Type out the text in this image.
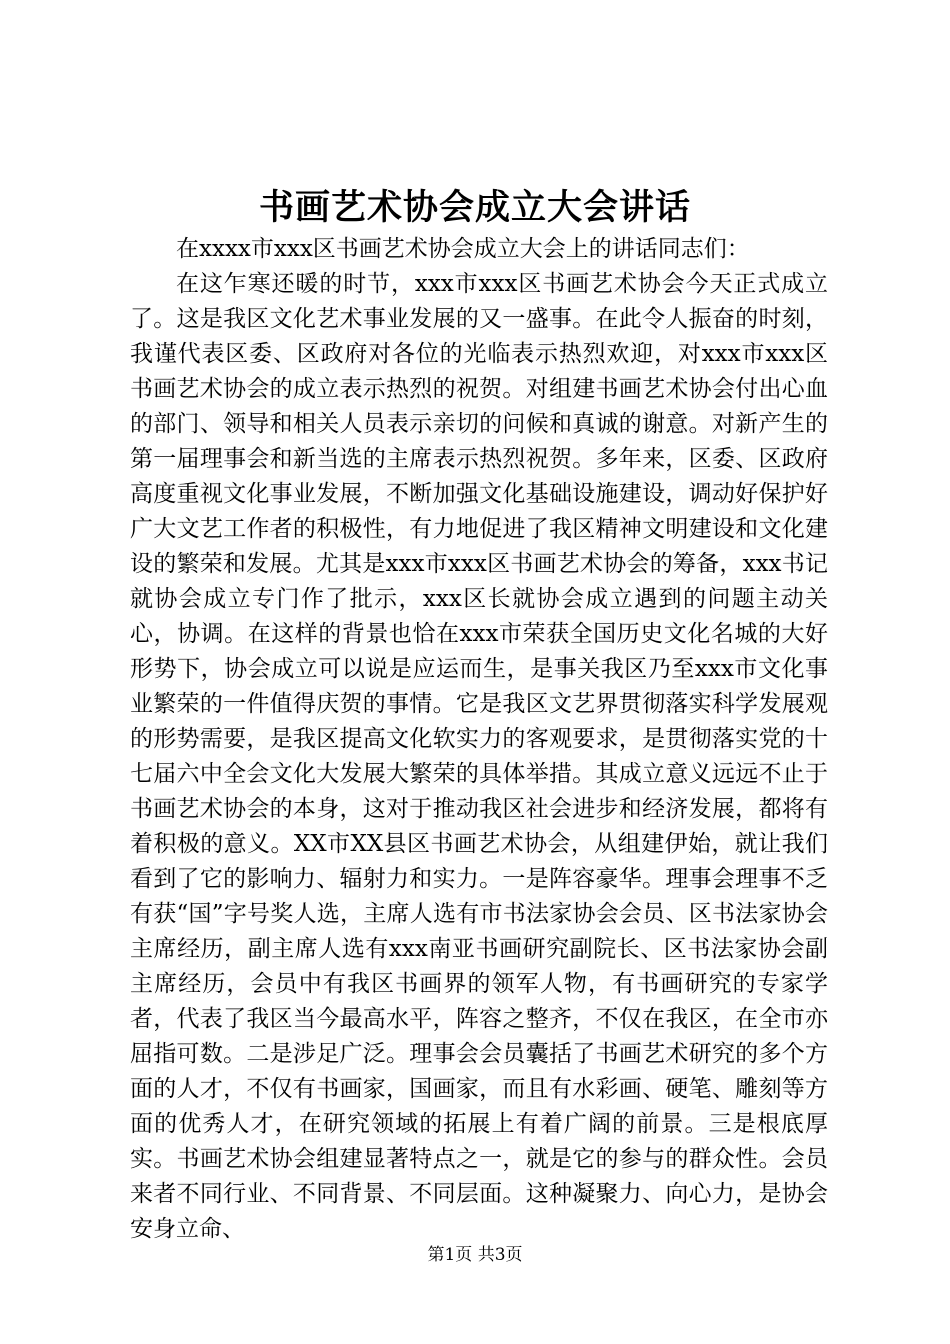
书画艺术协会成立大会讲话

在xxxx市xxx区书画艺术协会成立大会上的讲话同志们：

在这乍寒还暖的时节，xxx市xxx区书画艺术协会今天正式成立了。这是我区文化艺术事业发展的又一盛事。在此令人振奋的时刻，我谨代表区委、区政府对各位的光临表示热烈欢迎，对xxx市xxx区书画艺术协会的成立表示热烈的祝贺。对组建书画艺术协会付出心血的部门、领导和相关人员表示亲切的问候和真诚的谢意。对新产生的第一届理事会和新当选的主席表示热烈祝贺。多年来，区委、区政府高度重视文化事业发展，不断加强文化基础设施建设，调动好保护好广大文艺工作者的积极性，有力地促进了我区精神文明建设和文化建设的繁荣和发展。尤其是xxx市xxx区书画艺术协会的筹备，xxx书记就协会成立专门作了批示，xxx区长就协会成立遇到的问题主动关心，协调。在这样的背景也恰在xxx市荣获全国历史文化名城的大好形势下，协会成立可以说是应运而生，是事关我区乃至xxx市文化事业繁荣的一件值得庆贺的事情。它是我区文艺界贯彻落实科学发展观的形势需要，是我区提高文化软实力的客观要求，是贯彻落实党的十七届六中全会文化大发展大繁荣的具体举措。其成立意义远远不止于书画艺术协会的本身，这对于推动我区社会进步和经济发展，都将有着积极的意义。XX市XX县区书画艺术协会，从组建伊始，就让我们看到了它的影响力、辐射力和实力。一是阵容豪华。理事会理事不乏有获“国”字号奖人选，主席人选有市书法家协会会员、区书法家协会主席经历，副主席人选有xxx南亚书画研究副院长、区书法家协会副主席经历，会员中有我区书画界的领军人物，有书画研究的专家学者，代表了我区当今最高水平，阵容之整齐，不仅在我区，在全市亦屈指可数。二是涉足广泛。理事会会员囊括了书画艺术研究的多个方面的人才，不仅有书画家，国画家，而且有水彩画、硬笔、雕刻等方面的优秀人才，在研究领域的拓展上有着广阔的前景。三是根底厚实。书画艺术协会组建显著特点之一，就是它的参与的群众性。会员来者不同行业、不同背景、不同层面。这种凝聚力、向心力，是协会安身立命、

第1页 共3页
